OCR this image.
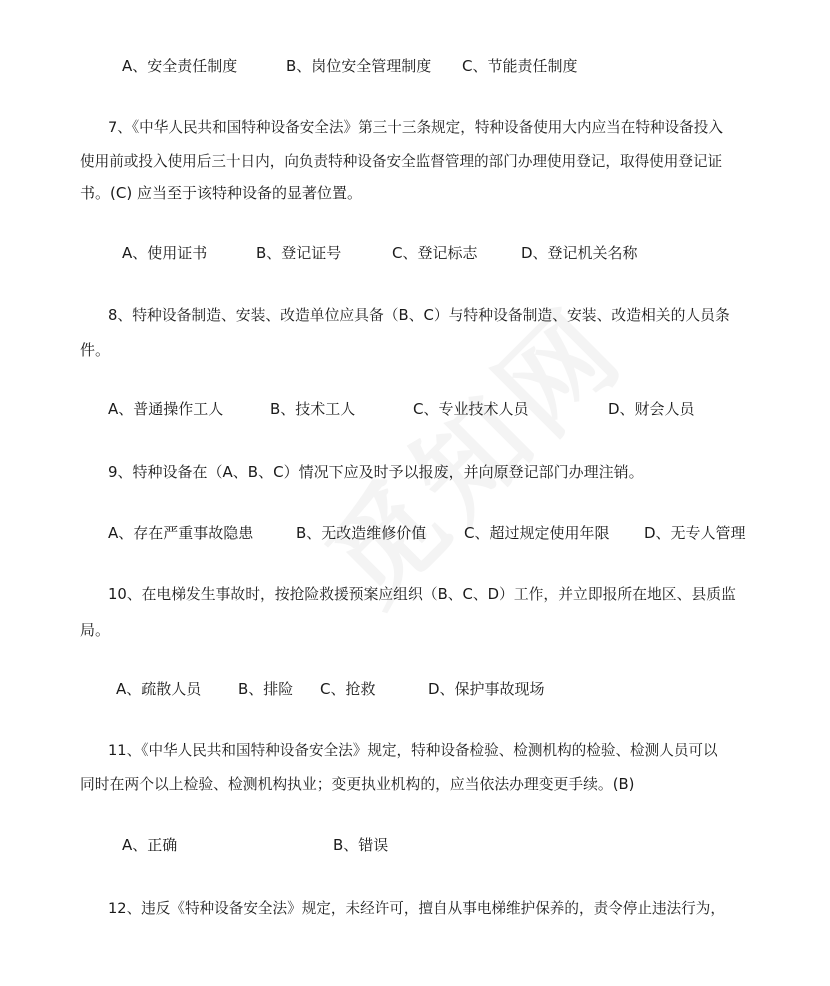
A、安全责任制度	B、岗位安全管理制度 C、节能责任制度
7、《中华人民共和国特种设备安全法》第三十三条规定，特种设备使用大内应当在特种设备投入
使用前或投入使用后三十日内，向负责特种设备安全监督管理的部门办理使用登记，取得使用登记证
书。(C) 应当至于该特种设备的显著位置。
A、使用证书	B、登记证号	C、登记标志	D、登记机关名称
8、特种设备制造、安装、改造单位应具备（B、C）与特种设备制造、安装、改造相关的人员条
件。
A、普通操作工人	B、技术工人	C、专业技术人员	D、财会人员
9、特种设备在（A、B、C）情况下应及时予以报废，并向原登记部门办理注销。
A、存在严重事故隐患	B、无改造维修价值	C、超过规定使用年限 D、无专人管理
10、在电梯发生事故时，按抢险救援预案应组织（B、C、D）工作，并立即报所在地区、县质监
局。
A、疏散人员 B、排险 C、抢救	D、保护事故现场
11、《中华人民共和国特种设备安全法》规定，特种设备检验、检测机构的检验、检测人员可以
同时在两个以上检验、检测机构执业；变更执业机构的，应当依法办理变更手续。(B)
A、正确	B、错误
12、违反《特种设备安全法》规定，未经许可，擅自从事电梯维护保养的，责令停止违法行为，
